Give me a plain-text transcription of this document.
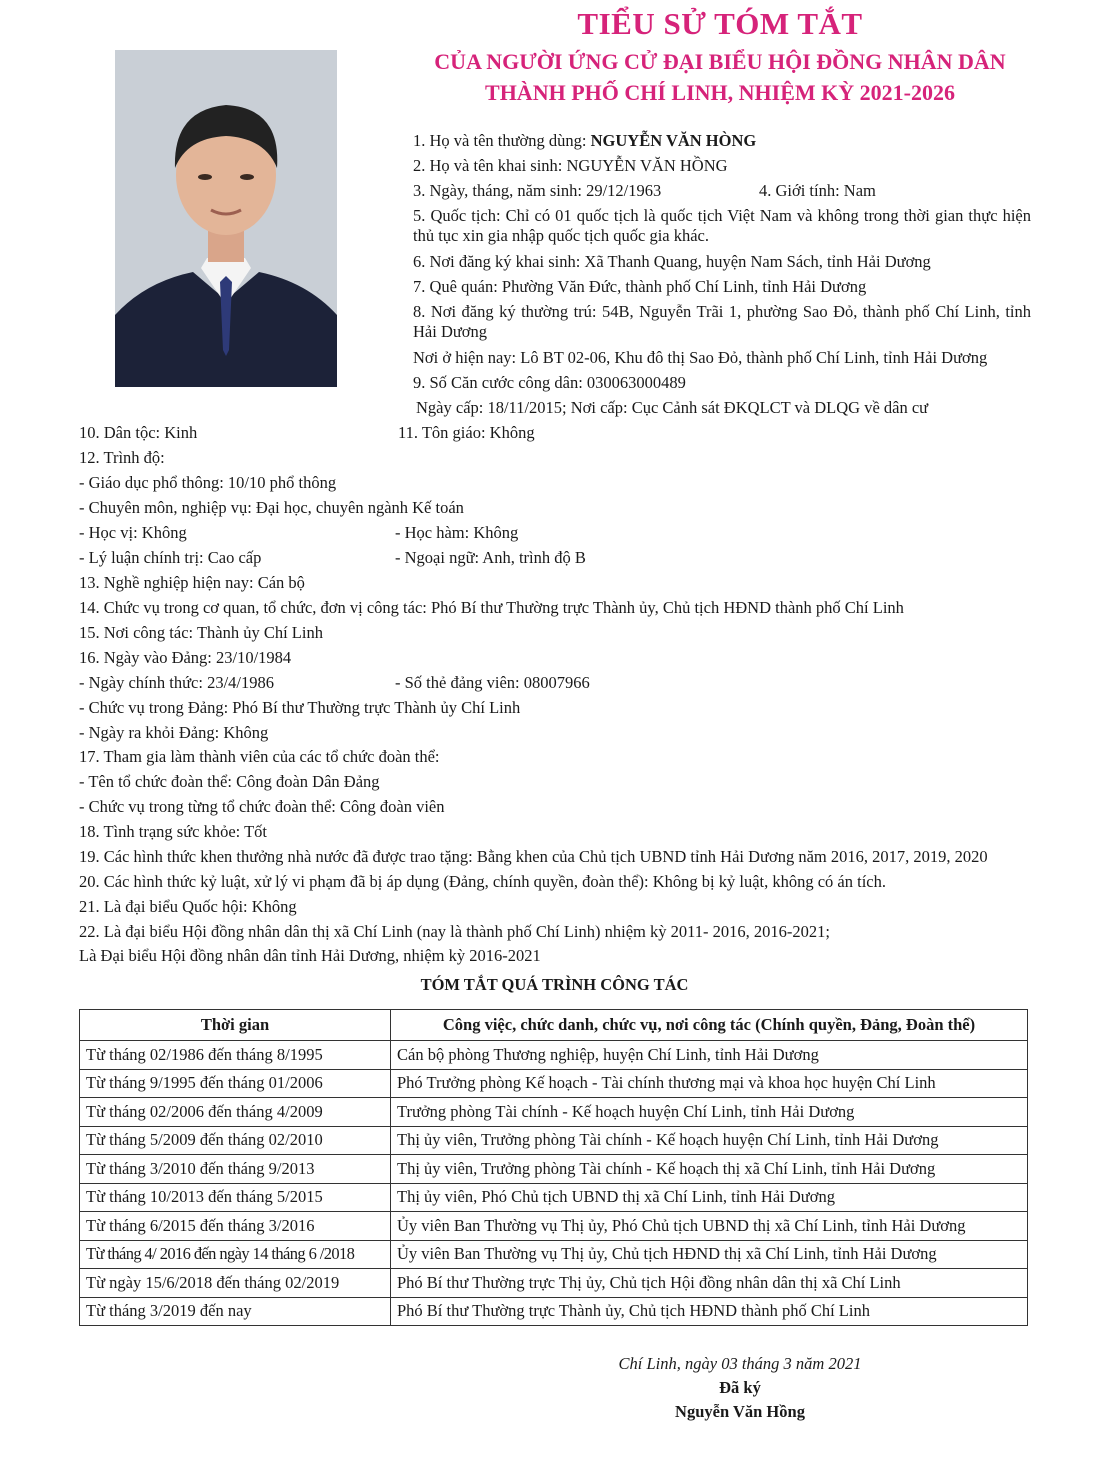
TIỂU SỬ TÓM TẮT
CỦA NGƯỜI ỨNG CỬ ĐẠI BIỂU HỘI ĐỒNG NHÂN DÂN
THÀNH PHỐ CHÍ LINH, NHIỆM KỲ 2021-2026
1. Họ và tên thường dùng: NGUYỄN VĂN HÒNG
2. Họ và tên khai sinh: NGUYỄN VĂN HỒNG
3. Ngày, tháng, năm sinh: 29/12/1963	4. Giới tính: Nam
5. Quốc tịch: Chỉ có 01 quốc tịch là quốc tịch Việt Nam và không trong thời gian thực hiện thủ tục xin gia nhập quốc tịch quốc gia khác.
6. Nơi đăng ký khai sinh: Xã Thanh Quang, huyện Nam Sách, tỉnh Hải Dương
7. Quê quán: Phường Văn Đức, thành phố Chí Linh, tỉnh Hải Dương
8. Nơi đăng ký thường trú: 54B, Nguyễn Trãi 1, phường Sao Đỏ, thành phố Chí Linh, tỉnh Hải Dương
Nơi ở hiện nay: Lô BT 02-06, Khu đô thị Sao Đỏ, thành phố Chí Linh, tỉnh Hải Dương
9. Số Căn cước công dân: 030063000489
Ngày cấp: 18/11/2015; Nơi cấp: Cục Cảnh sát ĐKQLCT và DLQG về dân cư
10. Dân tộc: Kinh	11. Tôn giáo: Không
12. Trình độ:
- Giáo dục phổ thông: 10/10 phổ thông
- Chuyên môn, nghiệp vụ: Đại học, chuyên ngành Kế toán
- Học vị: Không	- Học hàm: Không
- Lý luận chính trị: Cao cấp	- Ngoại ngữ: Anh, trình độ B
13. Nghề nghiệp hiện nay: Cán bộ
14. Chức vụ trong cơ quan, tổ chức, đơn vị công tác: Phó Bí thư Thường trực Thành ủy, Chủ tịch HĐND thành phố Chí Linh
15. Nơi công tác: Thành ủy Chí Linh
16. Ngày vào Đảng: 23/10/1984
- Ngày chính thức: 23/4/1986	- Số thẻ đảng viên: 08007966
- Chức vụ trong Đảng: Phó Bí thư Thường trực Thành ủy Chí Linh
- Ngày ra khỏi Đảng: Không
17. Tham gia làm thành viên của các tổ chức đoàn thể:
- Tên tổ chức đoàn thể: Công đoàn Dân Đảng
- Chức vụ trong từng tổ chức đoàn thể: Công đoàn viên
18. Tình trạng sức khỏe: Tốt
19. Các hình thức khen thưởng nhà nước đã được trao tặng: Bằng khen của Chủ tịch UBND tỉnh Hải Dương năm 2016, 2017, 2019, 2020
20. Các hình thức kỷ luật, xử lý vi phạm đã bị áp dụng (Đảng, chính quyền, đoàn thể): Không bị kỷ luật, không có án tích.
21. Là đại biểu Quốc hội: Không
22. Là đại biểu Hội đồng nhân dân thị xã Chí Linh (nay là thành phố Chí Linh) nhiệm kỳ 2011- 2016, 2016-2021;
Là Đại biểu Hội đồng nhân dân tỉnh Hải Dương, nhiệm kỳ 2016-2021
TÓM TẮT QUÁ TRÌNH CÔNG TÁC
Thời gian	Công việc, chức danh, chức vụ, nơi công tác (Chính quyền, Đảng, Đoàn thể)
Từ tháng 02/1986 đến tháng 8/1995	Cán bộ phòng Thương nghiệp, huyện Chí Linh, tỉnh Hải Dương
Từ tháng 9/1995 đến tháng 01/2006	Phó Trưởng phòng Kế hoạch - Tài chính thương mại và khoa học huyện Chí Linh
Từ tháng 02/2006 đến tháng 4/2009	Trưởng phòng Tài chính - Kế hoạch huyện Chí Linh, tỉnh Hải Dương
Từ tháng 5/2009 đến tháng 02/2010	Thị ủy viên, Trưởng phòng Tài chính - Kế hoạch huyện Chí Linh, tỉnh Hải Dương
Từ tháng 3/2010 đến tháng 9/2013	Thị ủy viên, Trưởng phòng Tài chính - Kế hoạch thị xã Chí Linh, tỉnh Hải Dương
Từ tháng 10/2013 đến tháng 5/2015	Thị ủy viên, Phó Chủ tịch UBND thị xã Chí Linh, tỉnh Hải Dương
Từ tháng 6/2015 đến tháng 3/2016	Ủy viên Ban Thường vụ Thị ủy, Phó Chủ tịch UBND thị xã Chí Linh, tỉnh Hải Dương
Từ tháng 4/ 2016 đến ngày 14 tháng 6 /2018	Ủy viên Ban Thường vụ Thị ủy, Chủ tịch HĐND thị xã Chí Linh, tỉnh Hải Dương
Từ ngày 15/6/2018 đến tháng 02/2019	Phó Bí thư Thường trực Thị ủy, Chủ tịch Hội đồng nhân dân thị xã Chí Linh
Từ tháng 3/2019 đến nay	Phó Bí thư Thường trực Thành ủy, Chủ tịch HĐND thành phố Chí Linh
Chí Linh, ngày 03 tháng 3 năm 2021
Đã ký
Nguyễn Văn Hồng
